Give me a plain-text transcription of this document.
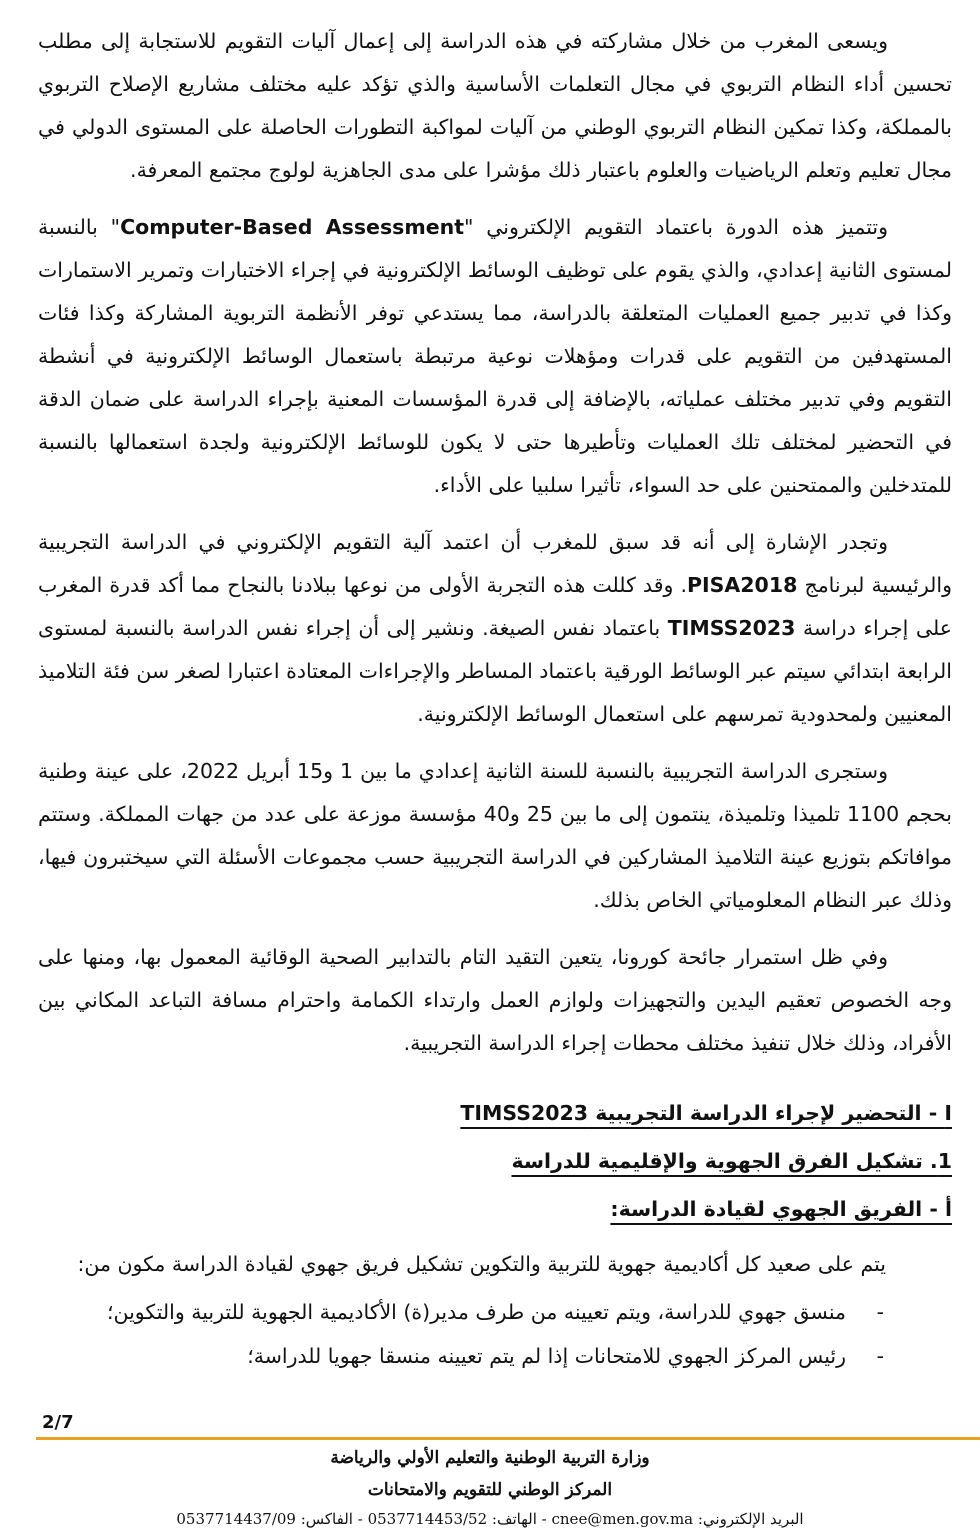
ويسعى المغرب من خلال مشاركته في هذه الدراسة إلى إعمال آليات التقويم للاستجابة إلى مطلب تحسين أداء النظام التربوي في مجال التعلمات الأساسية والذي تؤكد عليه مختلف مشاريع الإصلاح التربوي بالمملكة، وكذا تمكين النظام التربوي الوطني من آليات لمواكبة التطورات الحاصلة على المستوى الدولي في مجال تعليم وتعلم الرياضيات والعلوم باعتبار ذلك مؤشرا على مدى الجاهزية لولوج مجتمع المعرفة.

وتتميز هذه الدورة باعتماد التقويم الإلكتروني "Computer-Based Assessment" بالنسبة لمستوى الثانية إعدادي، والذي يقوم على توظيف الوسائط الإلكترونية في إجراء الاختبارات وتمرير الاستمارات وكذا في تدبير جميع العمليات المتعلقة بالدراسة، مما يستدعي توفر الأنظمة التربوية المشاركة وكذا فئات المستهدفين من التقويم على قدرات ومؤهلات نوعية مرتبطة باستعمال الوسائط الإلكترونية في أنشطة التقويم وفي تدبير مختلف عملياته، بالإضافة إلى قدرة المؤسسات المعنية بإجراء الدراسة على ضمان الدقة في التحضير لمختلف تلك العمليات وتأطيرها حتى لا يكون للوسائط الإلكترونية ولجدة استعمالها بالنسبة للمتدخلين والممتحنين على حد السواء، تأثيرا سلبيا على الأداء.

وتجدر الإشارة إلى أنه قد سبق للمغرب أن اعتمد آلية التقويم الإلكتروني في الدراسة التجريبية والرئيسية لبرنامج PISA2018. وقد كللت هذه التجربة الأولى من نوعها ببلادنا بالنجاح مما أكد قدرة المغرب على إجراء دراسة TIMSS2023 باعتماد نفس الصيغة. ونشير إلى أن إجراء نفس الدراسة بالنسبة لمستوى الرابعة ابتدائي سيتم عبر الوسائط الورقية باعتماد المساطر والإجراءات المعتادة اعتبارا لصغر سن فئة التلاميذ المعنيين ولمحدودية تمرسهم على استعمال الوسائط الإلكترونية.

وستجرى الدراسة التجريبية بالنسبة للسنة الثانية إعدادي ما بين 1 و15 أبريل 2022، على عينة وطنية بحجم 1100 تلميذا وتلميذة، ينتمون إلى ما بين 25 و40 مؤسسة موزعة على عدد من جهات المملكة. وستتم موافاتكم بتوزيع عينة التلاميذ المشاركين في الدراسة التجريبية حسب مجموعات الأسئلة التي سيختبرون فيها، وذلك عبر النظام المعلومياتي الخاص بذلك.

وفي ظل استمرار جائحة كورونا، يتعين التقيد التام بالتدابير الصحية الوقائية المعمول بها، ومنها على وجه الخصوص تعقيم اليدين والتجهيزات ولوازم العمل وارتداء الكمامة واحترام مسافة التباعد المكاني بين الأفراد، وذلك خلال تنفيذ مختلف محطات إجراء الدراسة التجريبية.

I - التحضير لإجراء الدراسة التجريبية TIMSS2023
1. تشكيل الفرق الجهوية والإقليمية للدراسة
أ - الفريق الجهوي لقيادة الدراسة:
يتم على صعيد كل أكاديمية جهوية للتربية والتكوين تشكيل فريق جهوي لقيادة الدراسة مكون من:
-
منسق جهوي للدراسة، ويتم تعيينه من طرف مدير(ة) الأكاديمية الجهوية للتربية والتكوين؛
-
رئيس المركز الجهوي للامتحانات إذا لم يتم تعيينه منسقا جهويا للدراسة؛
2/7
وزارة التربية الوطنية والتعليم الأولي والرياضة
المركز الوطني للتقويم والامتحانات
البريد الإلكتروني: cnee@men.gov.ma - الهاتف: 0537714453/52 - الفاكس: 0537714437/09
